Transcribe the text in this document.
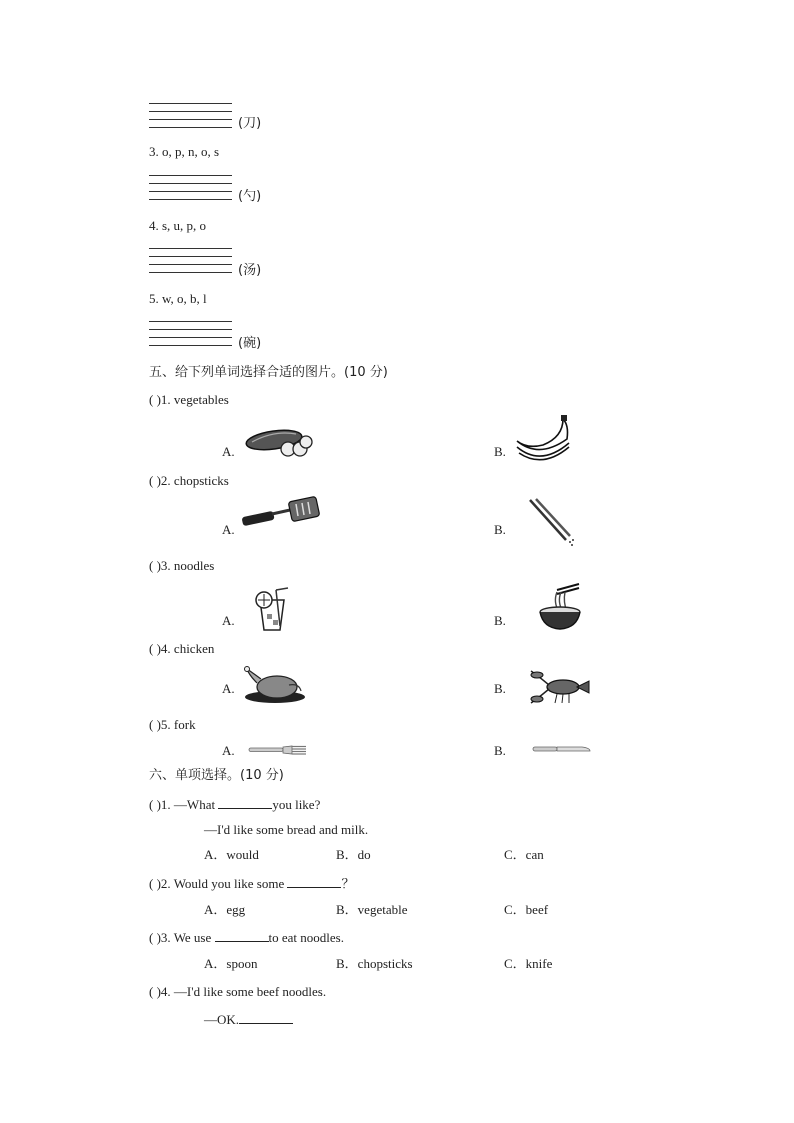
(刀)
3. o, p, n, o, s
(勺)
4. s, u, p, o
(汤)
5. w, o, b, l
(碗)
五、给下列单词选择合适的图片。(10 分)
( )1. vegetables
A.	B.
( )2. chopsticks
A.	B.
( )3. noodles
A.	B.
( )4. chicken
A.	B.
( )5. fork
A.	B.
六、单项选择。(10 分)
( )1. —What	you like?
—I'd like some bread and milk.
A．would	B．do	C．can
( )2. Would you like some	？
A．egg	B．vegetable	C．beef
( )3. We use	to eat noodles.
A．spoon	B．chopsticks	C．knife
( )4. —I'd like some beef noodles.
—OK.
